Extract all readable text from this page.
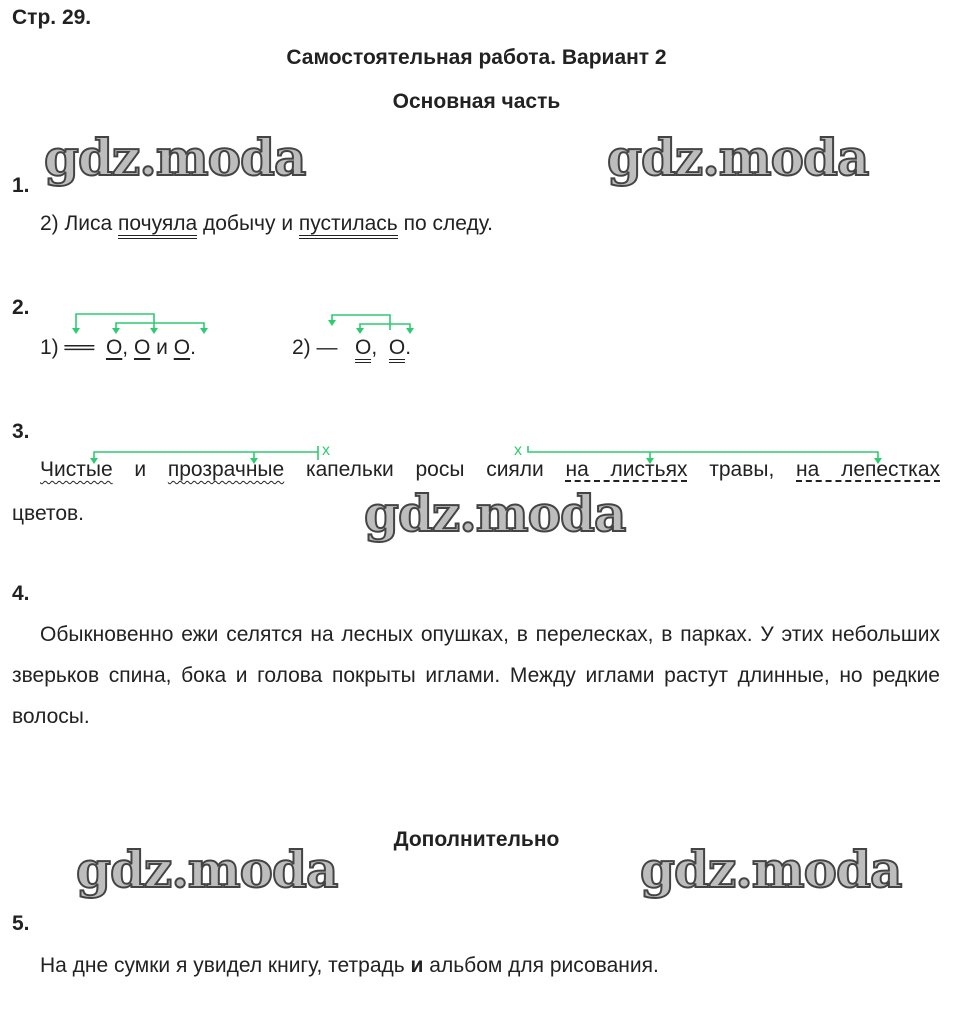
Стр. 29.
Самостоятельная работа. Вариант 2
Основная часть
gdz.moda	gdz.moda
gdz.moda
gdz.moda	gdz.moda
1.
2) Лиса почуяла добычу и пустилась по следу.
2.
x	x
1) ══ О, О и О.	2) — О, О.
3.
Чистые и прозрачные капельки росы сияли на листьях травы, на лепестках
цветов.
4.
Обыкновенно ежи селятся на лесных опушках, в перелесках, в парках. У этих небольших зверьков спина, бока и голова покрыты иглами. Между иглами растут длинные, но редкие волосы.
Дополнительно
5.
На дне сумки я увидел книгу, тетрадь и альбом для рисования.
